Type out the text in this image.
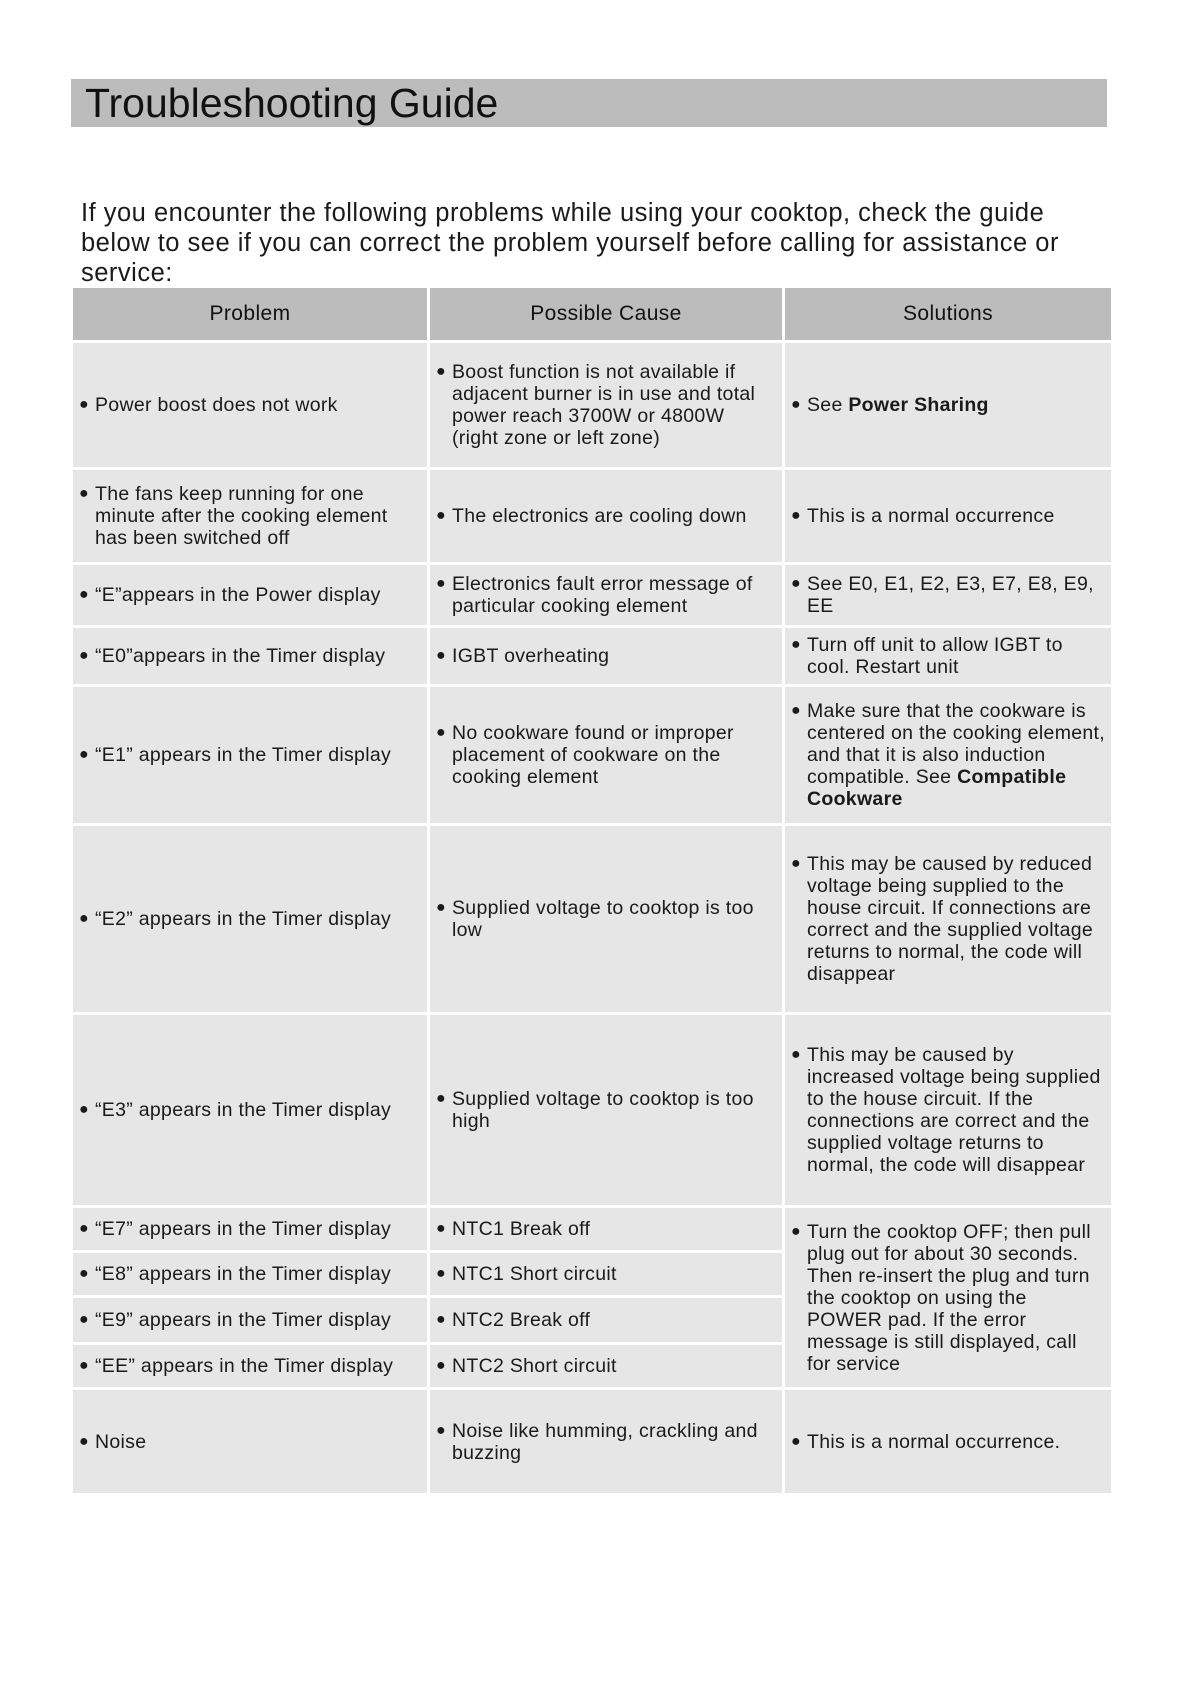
Troubleshooting Guide

If you encounter the following problems while using your cooktop, check the guide below to see if you can correct the problem yourself before calling for assistance or service:

Problem	Possible Cause	Solutions

● Power boost does not work	● Boost function is not available if adjacent burner is in use and total power reach 3700W or 4800W (right zone or left zone)	● See Power Sharing

● The fans keep running for one minute after the cooking element has been switched off	● The electronics are cooling down	● This is a normal occurrence

● “E”appears in the Power display	● Electronics fault error message of particular cooking element	● See E0, E1, E2, E3, E7, E8, E9, EE

● “E0”appears in the Timer display	● IGBT overheating	● Turn off unit to allow IGBT to cool. Restart unit

● “E1” appears in the Timer display	● No cookware found or improper placement of cookware on the cooking element	● Make sure that the cookware is centered on the cooking element, and that it is also induction compatible. See Compatible Cookware

● “E2” appears in the Timer display	● Supplied voltage to cooktop is too low	● This may be caused by reduced voltage being supplied to the house circuit. If connections are correct and the supplied voltage returns to normal, the code will disappear

● “E3” appears in the Timer display	● Supplied voltage to cooktop is too high	● This may be caused by increased voltage being supplied to the house circuit. If the connections are correct and the supplied voltage returns to normal, the code will disappear

● “E7” appears in the Timer display	● NTC1 Break off	● Turn the cooktop OFF; then pull plug out for about 30 seconds. Then re-insert the plug and turn the cooktop on using the POWER pad. If the error message is still displayed, call for service

● “E8” appears in the Timer display	● NTC1 Short circuit	

● “E9” appears in the Timer display	● NTC2 Break off	

● “EE” appears in the Timer display	● NTC2 Short circuit	

● Noise	● Noise like humming, crackling and buzzing	● This is a normal occurrence.
